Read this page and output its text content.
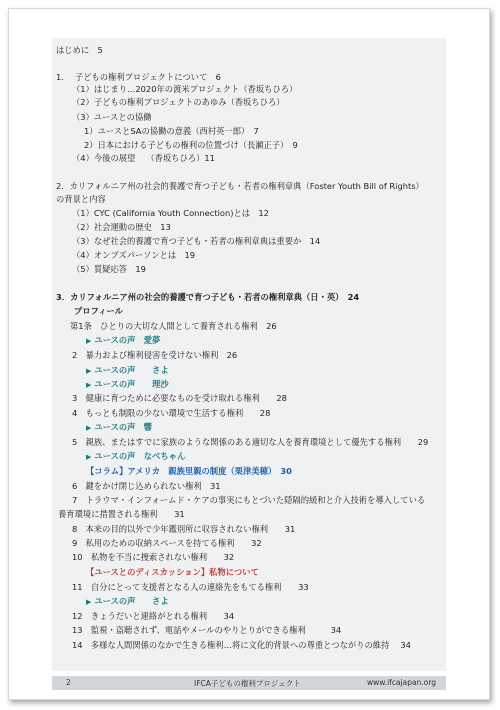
はじめに　5
1.　 子どもの権利プロジェクトについて　6
（1）はじまり…2020年の渡米プロジェクト（香坂ちひろ）
（2）子どもの権利プロジェクトのあゆみ（香坂ちひろ）
（3）ユースとの協働
1）ユースとSAの協働の意義（西村英一郎）　7
2）日本における子どもの権利の位置づけ（長瀬正子）　9
（4）今後の展望　 （香坂ちひろ）11
2．カリフォルニア州の社会的養護で育つ子ども・若者の権利章典（Foster Youth Bill of Rights）
の背景と内容
（1）CYC (California Youth Connection)とは　12
（2）社会運動の歴史　13
（3）なぜ社会的養護で育つ子ども・若者の権利章典は重要か　14
（4）オンブズパーソンとは　19
（5）質疑応答　19
3．カリフォルニア州の社会的養護で育つ子ども・若者の権利章典（日・英）　24
プロフィール
第1条　ひとりの大切な人間として養育される権利　26
▶ ユースの声　愛夢
2　暴力および権利侵害を受けない権利　26
▶ ユースの声　　さよ
▶ ユースの声　　理沙
3　健康に育つために必要なものを受け取れる権利　　28
4　もっとも制限の少ない環境で生活する権利　　28
▶ ユースの声　響
5　親族、またはすでに家族のような関係のある適切な人を養育環境として優先する権利　　29
▶ ユースの声　なべちゃん
【コラム】アメリカ　親族里親の制度（栗津美穂）　30
6　鍵をかけ閉じ込められない権利　31
7　トラウマ・インフォームド・ケアの事実にもとづいた隠隔的緩和と介入技術を導入している
養育環境に措置される権利　　31
8　本来の目的以外で少年鑑別所に収容されない権利　　31
9　私用のための収納スペースを持てる権利　　32
10　私物を不当に捜索されない権利　　32
【ユースとのディスカッション】私物について
11　自分にとって支援者となる人の連絡先をもてる権利　　33
▶ ユースの声　　さよ
12　きょうだいと連絡がとれる権利　　34
13　監視・盗聴されず、電話やメールのやりとりができる権利　　　34
14　多様な人間関係のなかで生きる権利…将に文化的背景への尊重とつながりの維持　 34
2	IFCA子どもの権利プロジェクト	www.ifcajapan.org
